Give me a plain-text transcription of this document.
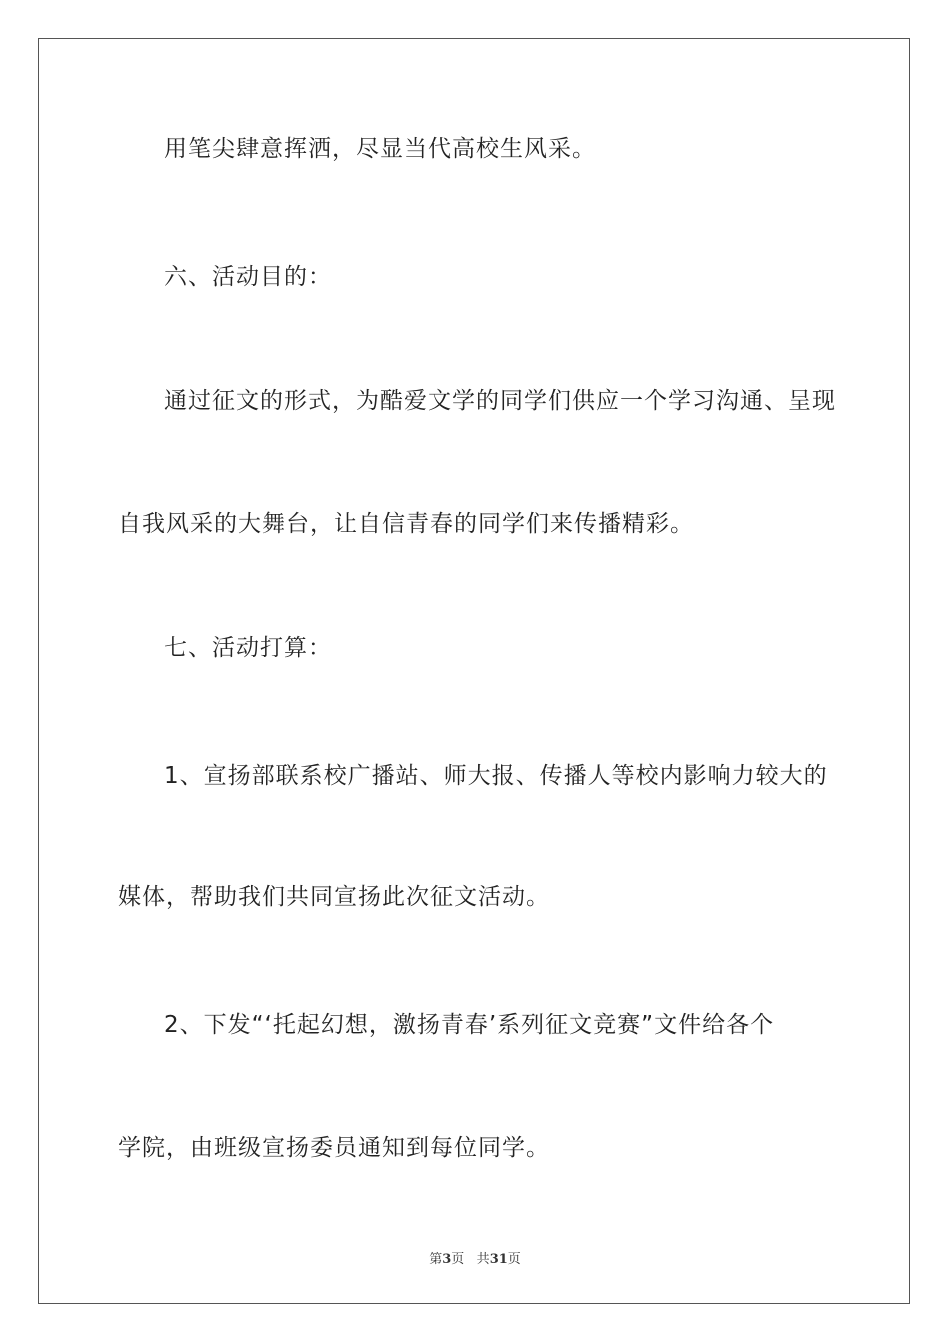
用笔尖肆意挥洒，尽显当代高校生风采。
六、活动目的：
通过征文的形式，为酷爱文学的同学们供应一个学习沟通、呈现
自我风采的大舞台，让自信青春的同学们来传播精彩。
七、活动打算：
1、宣扬部联系校广播站、师大报、传播人等校内影响力较大的
媒体，帮助我们共同宣扬此次征文活动。
2、下发“‘托起幻想，激扬青春’系列征文竞赛”文件给各个
学院，由班级宣扬委员通知到每位同学。
第3页 共31页
